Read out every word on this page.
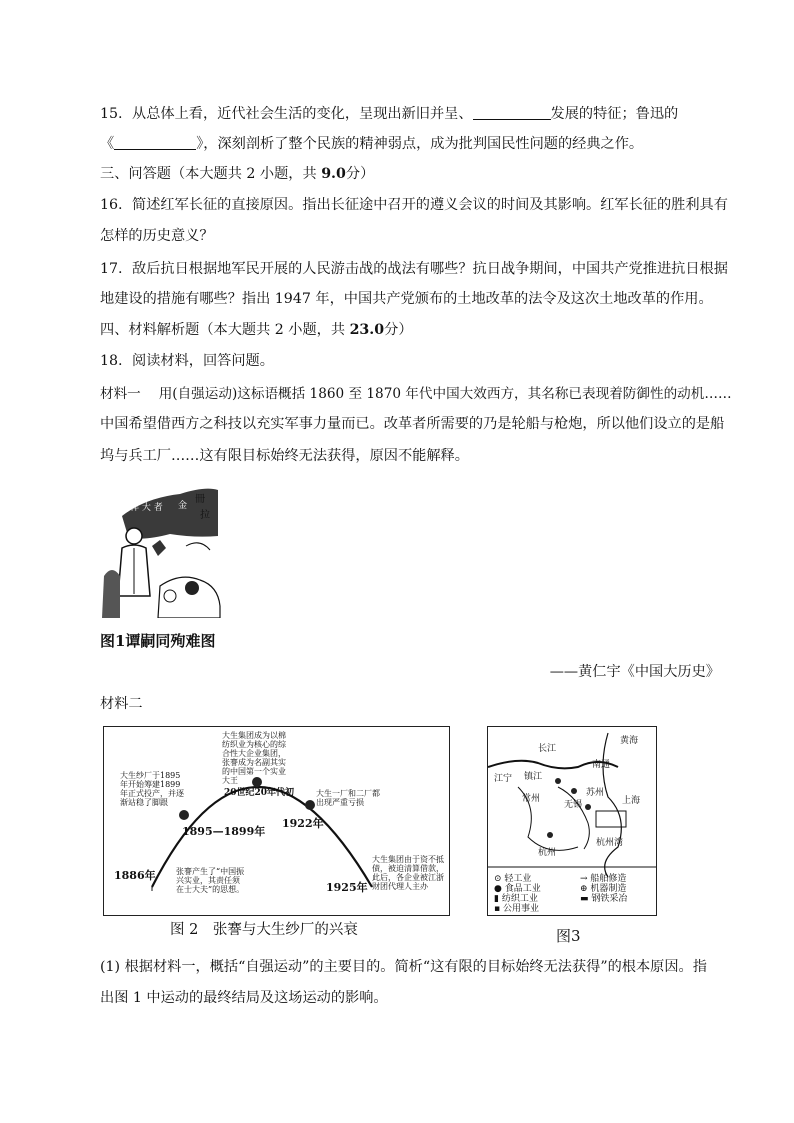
15. 从总体上看，近代社会生活的变化，呈现出新旧并呈、	发展的特征；鲁迅的
《	》，深刻剖析了整个民族的精神弱点，成为批判国民性问题的经典之作。
三、问答题（本大题共 2 小题，共 9.0分）
16. 简述红军长征的直接原因。指出长征途中召开的遵义会议的时间及其影响。红军长征的胜利具有
怎样的历史意义？
17. 敌后抗日根据地军民开展的人民游击战的战法有哪些？抗日战争期间，中国共产党推进抗日根据
地建设的措施有哪些？指出 1947 年，中国共产党颁布的土地改革的法令及这次土地改革的作用。
四、材料解析题（本大题共 2 小题，共 23.0分）
18. 阅读材料，回答问题。
材料一　 用(自强运动)这标语概括 1860 至 1870 年代中国大效西方，其名称已表现着防御性的动机……
中国希望借西方之科技以充实军事力量而已。改革者所需要的乃是轮船与枪炮，所以他们设立的是船
坞与兵工厂……这有限目标始终无法获得，原因不能解释。
祥 大 者
冊
拉
金
图1谭嗣同殉难图
——黄仁宇《中国大历史》
材料二
1886年
1895—1899年
20世纪20年代初
1922年
1925年
张謇产生了“中国振兴实业，其责任须在士大夫”的思想。
大生纱厂于1895年开始筹建1899年正式投产，并逐渐站稳了脚跟
大生集团成为以棉纺织业为核心的综合性大企业集团，张謇成为名副其实的中国第一个实业大王
大生一厂和二厂都出现严重亏损
大生集团由于资不抵债，被迫清算借款，此后，各企业被江浙财团代理人主办
图 2　张謇与大生纱厂的兴衰
黄海
长江
南通
镇江
江宁
常州
无锡
苏州
上海
杭州
杭州湾
⊙ 轻工业
● 食品工业
▮ 纺织工业
▪ 公用事业
→ 船舶修造
⊕ 机器制造
▬ 钢铁采冶
图3
(1) 根据材料一，概括“自强运动”的主要目的。简析“这有限的目标始终无法获得”的根本原因。指
出图 1 中运动的最终结局及这场运动的影响。
